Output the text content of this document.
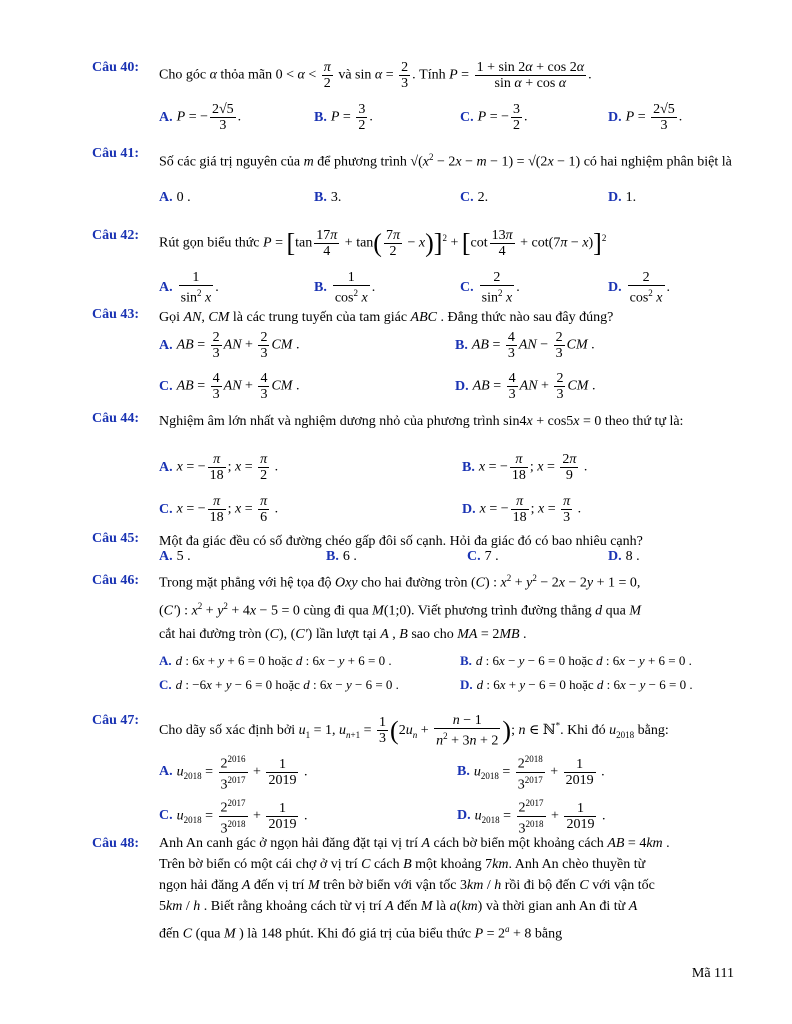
Câu 40:
Cho góc α thỏa mãn $0 < \alpha < \frac{\pi}{2}$ và $\sin \alpha = \frac{2}{3}$ . Tính $P = \frac{1 + \sin 2\alpha + \cos 2\alpha}{\text{sin α + cos α}}$ .
A. P = − $\frac{2√5}{3}$ .	B. $P = \frac{3}{2}$ .	C. P = − $\frac{3}{2}$ .	D. $P = \frac{2√5}{3}$ .
Câu 41:
Số các giá trị nguyên của m để phương trình $√(x^2 - 2x - m - 1) = √(2x - 1)$ có hai nghiệm phân biệt là
A. 0 .	B. 3.	C. 2.	D. 1.
Câu 42:
Rút gọn biểu thức $P = [\tan \frac{17\pi}{4} + \tan( \frac{7\pi}{2} - x)]^2 + [\cot \frac{13\pi}{4} + \cot(7\pi - x)]^2$
A. $\frac{1}{\sin^2 x}$ .	B. $\frac{1}{\cos^2 x}$ .	C. $\frac{2}{\sin^2 x}$ .	D. $\frac{2}{\cos^2 x}$ .
Câu 43: Gọi AN, CM là các trung tuyến của tam giác ABC . Đẳng thức nào sau đây đúng?
A. AB = $\frac{2}{3}$ AN + $\frac{2}{3}$ CM .	B. AB = $\frac{4}{3}$ AN − $\frac{2}{3}$ CM .
C. AB = $\frac{4}{3}$ AN + $\frac{4}{3}$ CM .	D. AB = $\frac{4}{3}$ AN + $\frac{2}{3}$ CM .
Câu 44: Nghiệm âm lớn nhất và nghiệm dương nhỏ của phương trình sin4x + cos5x = 0 theo thứ tự là:
A. x = − $\frac{\pi}{18}$ ; $x = \frac{\pi}{2}$ .	B. x = − $\frac{\pi}{18}$ ; $x = \frac{2\pi}{9}$ .
C. x = − $\frac{\pi}{18}$ ; $x = \frac{\pi}{6}$ .	D. x = − $\frac{\pi}{18}$ ; $x = \frac{\pi}{3}$ .
Câu 45: Một đa giác đều có số đường chéo gấp đôi số cạnh. Hỏi đa giác đó có bao nhiêu cạnh?
A. 5 .	B. 6 .	C. 7 .	D. 8 .
Câu 46: Trong mặt phẳng với hệ tọa độ Oxy cho hai đường tròn (C) : $x^2 + y^2 - 2x - 2y + 1 = 0$,
(C') : $x^2 + y^2 + 4x - 5 = 0$ cùng đi qua M(1;0). Viết phương trình đường thẳng d qua M
cắt hai đường tròn (C), (C') lần lượt tại A , B sao cho MA = 2MB .
A. d : 6x + y + 6 = 0 hoặc d : 6x − y + 6 = 0 .	B. d : 6x − y − 6 = 0 hoặc d : 6x − y + 6 = 0 .
C. d : −6x + y − 6 = 0 hoặc d : 6x − y − 6 = 0 .	D. d : 6x + y − 6 = 0 hoặc d : 6x − y − 6 = 0 .
Câu 47:
Cho dãy số xác định bởi $u_1 = 1$, $u_{n+1} = \frac{1}{3} (2u_n + \frac{n - 1}{n^2 + 3n + 2}$ ); n ∈ ℕ*. Khi đó $u_{2018}$ bằng:
A. $u_{2018} = \frac{2^{2016}}{3^{2017}} + \frac{1}{2019}$ .	B. $u_{2018} = \frac{2^{2018}}{3^{2017}} + \frac{1}{2019}$ .
C. $u_{2018} = \frac{2^{2017}}{3^{2018}} + \frac{1}{2019}$ .	D. $u_{2018} = \frac{2^{2017}}{3^{2018}} + \frac{1}{2019}$ .
Câu 48: Anh An canh gác ở ngọn hải đăng đặt tại vị trí A cách bờ biển một khoảng cách AB = 4km .
Trên bờ biển có một cái chợ ở vị trí C cách B một khoảng 7km. Anh An chèo thuyền từ
ngọn hải đăng A đến vị trí M trên bờ biển với vận tốc 3km / h rồi đi bộ đến C với vận tốc
5km / h . Biết rằng khoảng cách từ vị trí A đến M là a(km) và thời gian anh An đi từ A
đến C (qua M ) là 148 phút. Khi đó giá trị của biểu thức $P = 2^a + 8$ bằng
Mã 111
